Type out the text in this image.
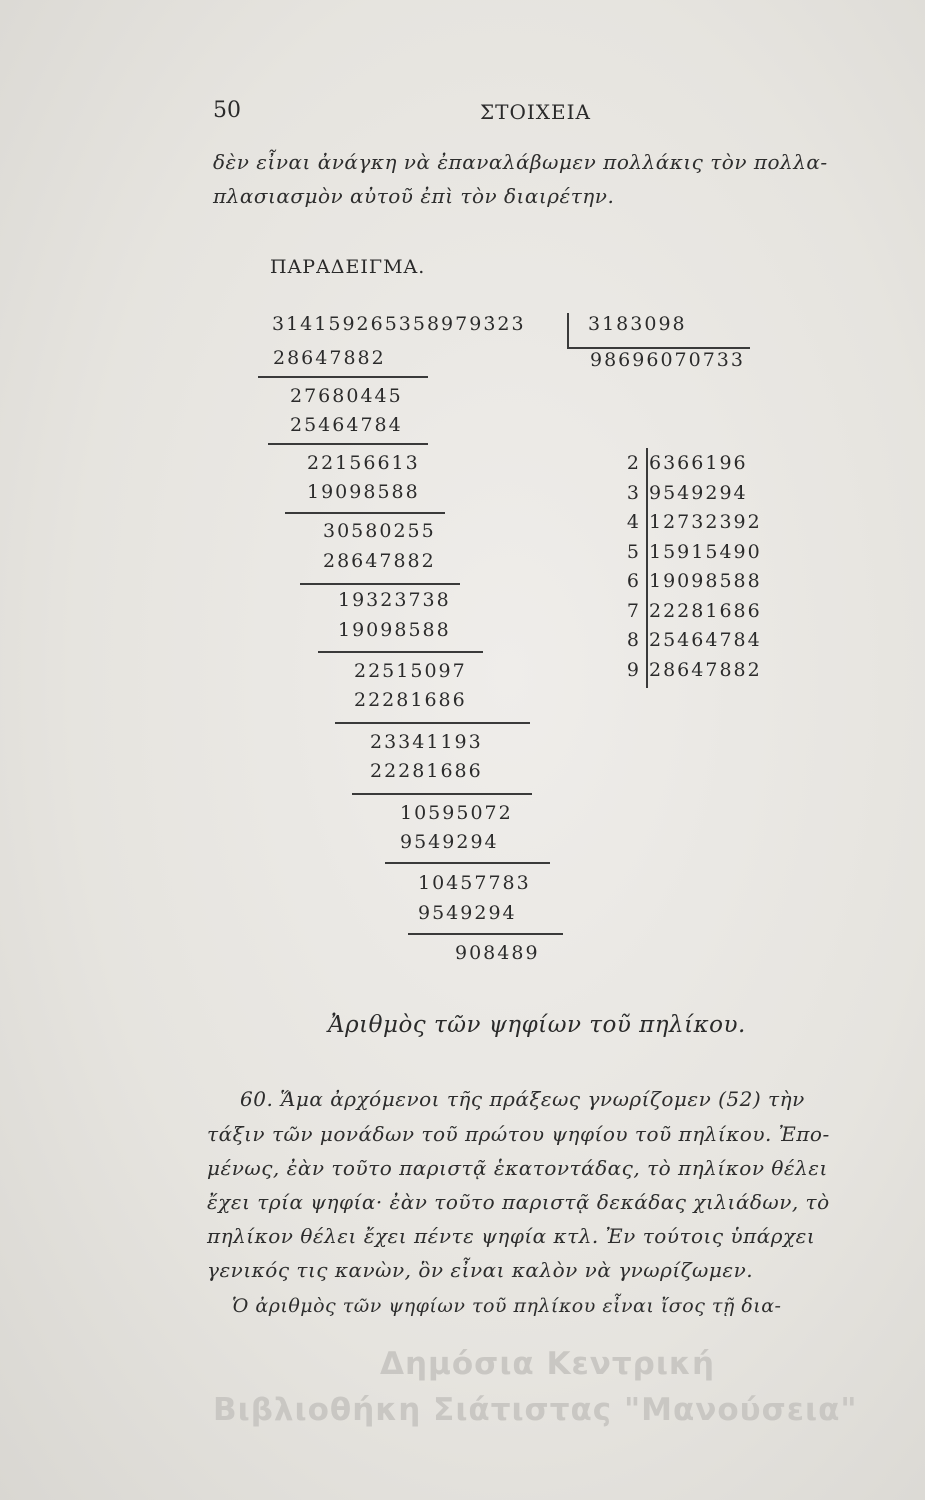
50	ΣΤΟΙΧΕΙΑ
δὲν εἶναι ἀνάγκη νὰ ἐπαναλάβωμεν πολλάκις τὸν πολλα-
πλασιασμὸν αὐτοῦ ἐπὶ τὸν διαιρέτην.
ΠΑΡΑΔΕΙΓΜΑ.
3141592653589793̇23	3183098
98696070733
28647882
27680445
25464784
22156613
19098588
30580255
28647882
19323738
19098588
22515097
22281686
23341193
22281686
10595072
9549294
10457783
9549294
908489
2 6366196
3 9549294
4 12732392
5 15915490
6 19098588
7 22281686
8 25464784
9 28647882
Ἀριθμὸς τῶν ψηφίων τοῦ πηλίκου.
60. Ἅμα ἀρχόμενοι τῆς πράξεως γνωρίζομεν (52) τὴν
τάξιν τῶν μονάδων τοῦ πρώτου ψηφίου τοῦ πηλίκου. Ἐπο-
μένως, ἐὰν τοῦτο παριστᾷ ἑκατοντάδας, τὸ πηλίκον θέλει
ἔχει τρία ψηφία· ἐὰν τοῦτο παριστᾷ δεκάδας χιλιάδων, τὸ
πηλίκον θέλει ἔχει πέντε ψηφία κτλ. Ἐν τούτοις ὑπάρχει
γενικός τις κανὼν, ὃν εἶναι καλὸν νὰ γνωρίζωμεν.
Ὁ ἀριθμὸς τῶν ψηφίων τοῦ πηλίκου εἶναι ἴσος τῇ δια-
Δημόσια Κεντρική
Βιβλιοθήκη Σιάτιστας "Μανούσεια"
